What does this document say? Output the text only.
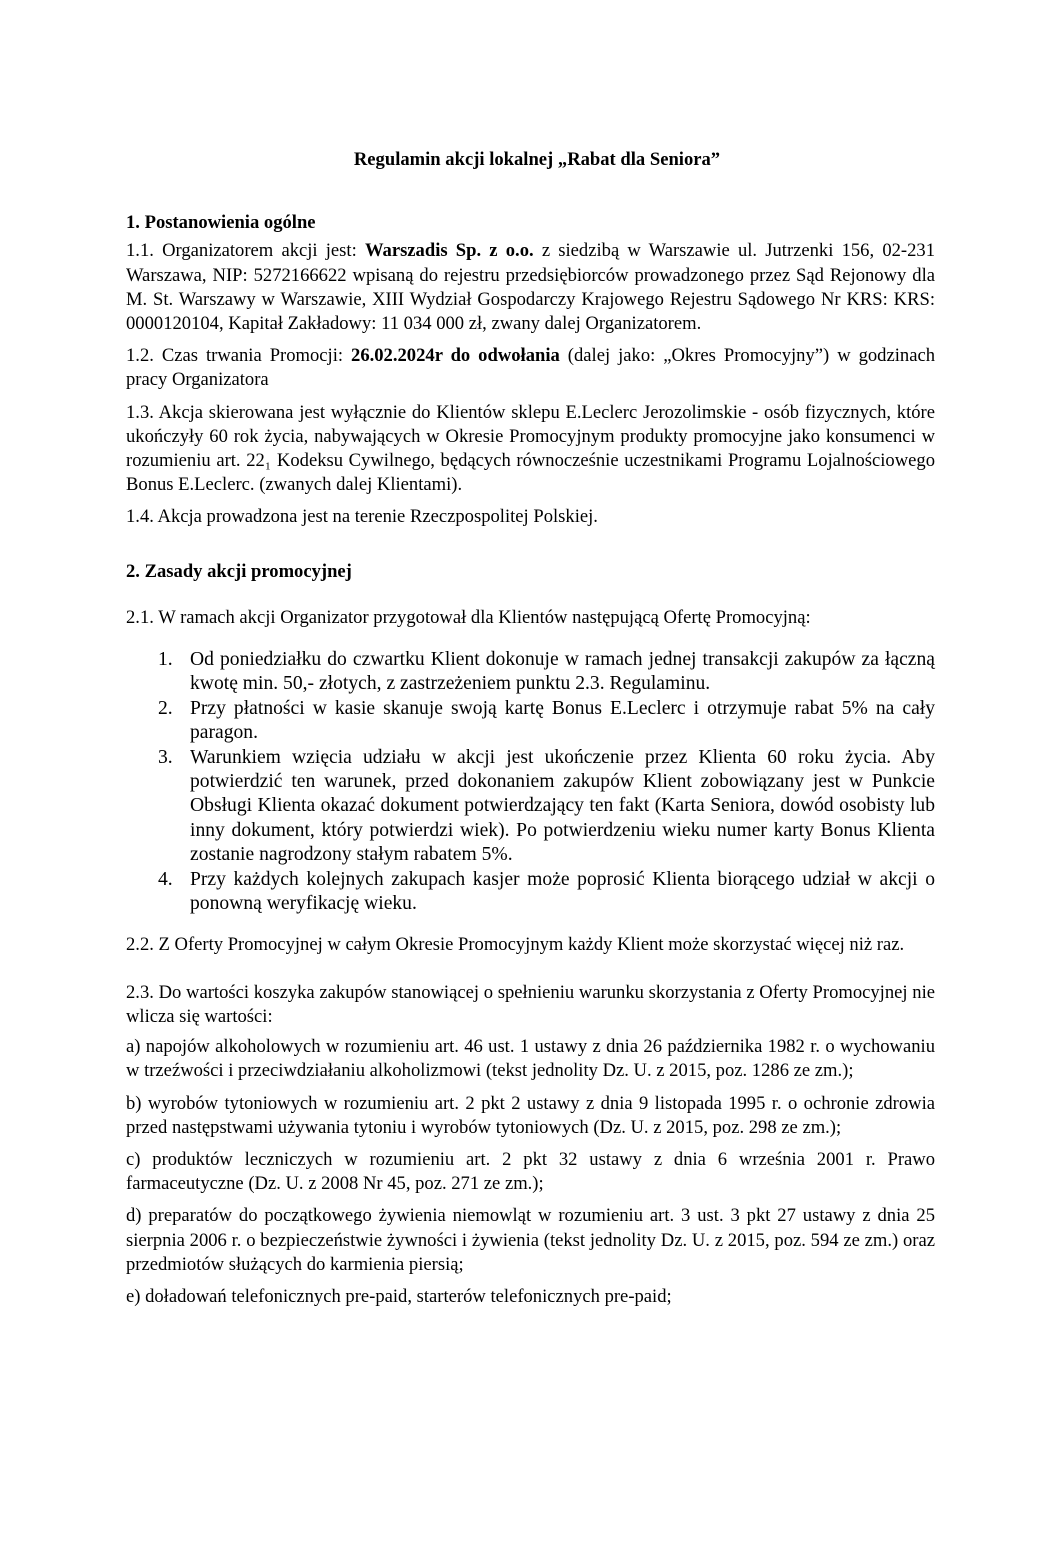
Regulamin akcji lokalnej „Rabat dla Seniora”
1. Postanowienia ogólne
1.1. Organizatorem akcji jest: Warszadis Sp. z o.o. z siedzibą w Warszawie ul. Jutrzenki 156, 02-231 Warszawa, NIP: 5272166622 wpisaną do rejestru przedsiębiorców prowadzonego przez Sąd Rejonowy dla M. St. Warszawy w Warszawie, XIII Wydział Gospodarczy Krajowego Rejestru Sądowego Nr KRS: KRS: 0000120104, Kapitał Zakładowy: 11 034 000 zł, zwany dalej Organizatorem.
1.2. Czas trwania Promocji: 26.02.2024r do odwołania (dalej jako: „Okres Promocyjny”) w godzinach pracy Organizatora
1.3. Akcja skierowana jest wyłącznie do Klientów sklepu E.Leclerc Jerozolimskie - osób fizycznych, które ukończyły 60 rok życia, nabywających w Okresie Promocyjnym produkty promocyjne jako konsumenci w rozumieniu art. 22₁ Kodeksu Cywilnego, będących równocześnie uczestnikami Programu Lojalnościowego Bonus E.Leclerc. (zwanych dalej Klientami).
1.4. Akcja prowadzona jest na terenie Rzeczpospolitej Polskiej.
2. Zasady akcji promocyjnej
2.1. W ramach akcji Organizator przygotował dla Klientów następującą Ofertę Promocyjną:
1. Od poniedziałku do czwartku Klient dokonuje w ramach jednej transakcji zakupów za łączną kwotę min. 50,- złotych, z zastrzeżeniem punktu 2.3. Regulaminu.
2. Przy płatności w kasie skanuje swoją kartę Bonus E.Leclerc i otrzymuje rabat 5% na cały paragon.
3. Warunkiem wzięcia udziału w akcji jest ukończenie przez Klienta 60 roku życia. Aby potwierdzić ten warunek, przed dokonaniem zakupów Klient zobowiązany jest w Punkcie Obsługi Klienta okazać dokument potwierdzający ten fakt (Karta Seniora, dowód osobisty lub inny dokument, który potwierdzi wiek). Po potwierdzeniu wieku numer karty Bonus Klienta zostanie nagrodzony stałym rabatem 5%.
4. Przy każdych kolejnych zakupach kasjer może poprosić Klienta biorącego udział w akcji o ponowną weryfikację wieku.
2.2. Z Oferty Promocyjnej w całym Okresie Promocyjnym każdy Klient może skorzystać więcej niż raz.
2.3. Do wartości koszyka zakupów stanowiącej o spełnieniu warunku skorzystania z Oferty Promocyjnej nie wlicza się wartości:
a) napojów alkoholowych w rozumieniu art. 46 ust. 1 ustawy z dnia 26 października 1982 r. o wychowaniu w trzeźwości i przeciwdziałaniu alkoholizmowi (tekst jednolity Dz. U. z 2015, poz. 1286 ze zm.);
b) wyrobów tytoniowych w rozumieniu art. 2 pkt 2 ustawy z dnia 9 listopada 1995 r. o ochronie zdrowia przed następstwami używania tytoniu i wyrobów tytoniowych (Dz. U. z 2015, poz. 298 ze zm.);
c) produktów leczniczych w rozumieniu art. 2 pkt 32 ustawy z dnia 6 września 2001 r. Prawo farmaceutyczne (Dz. U. z 2008 Nr 45, poz. 271 ze zm.);
d) preparatów do początkowego żywienia niemowląt w rozumieniu art. 3 ust. 3 pkt 27 ustawy z dnia 25 sierpnia 2006 r. o bezpieczeństwie żywności i żywienia (tekst jednolity Dz. U. z 2015, poz. 594 ze zm.) oraz przedmiotów służących do karmienia piersią;
e) doładowań telefonicznych pre-paid, starterów telefonicznych pre-paid;
